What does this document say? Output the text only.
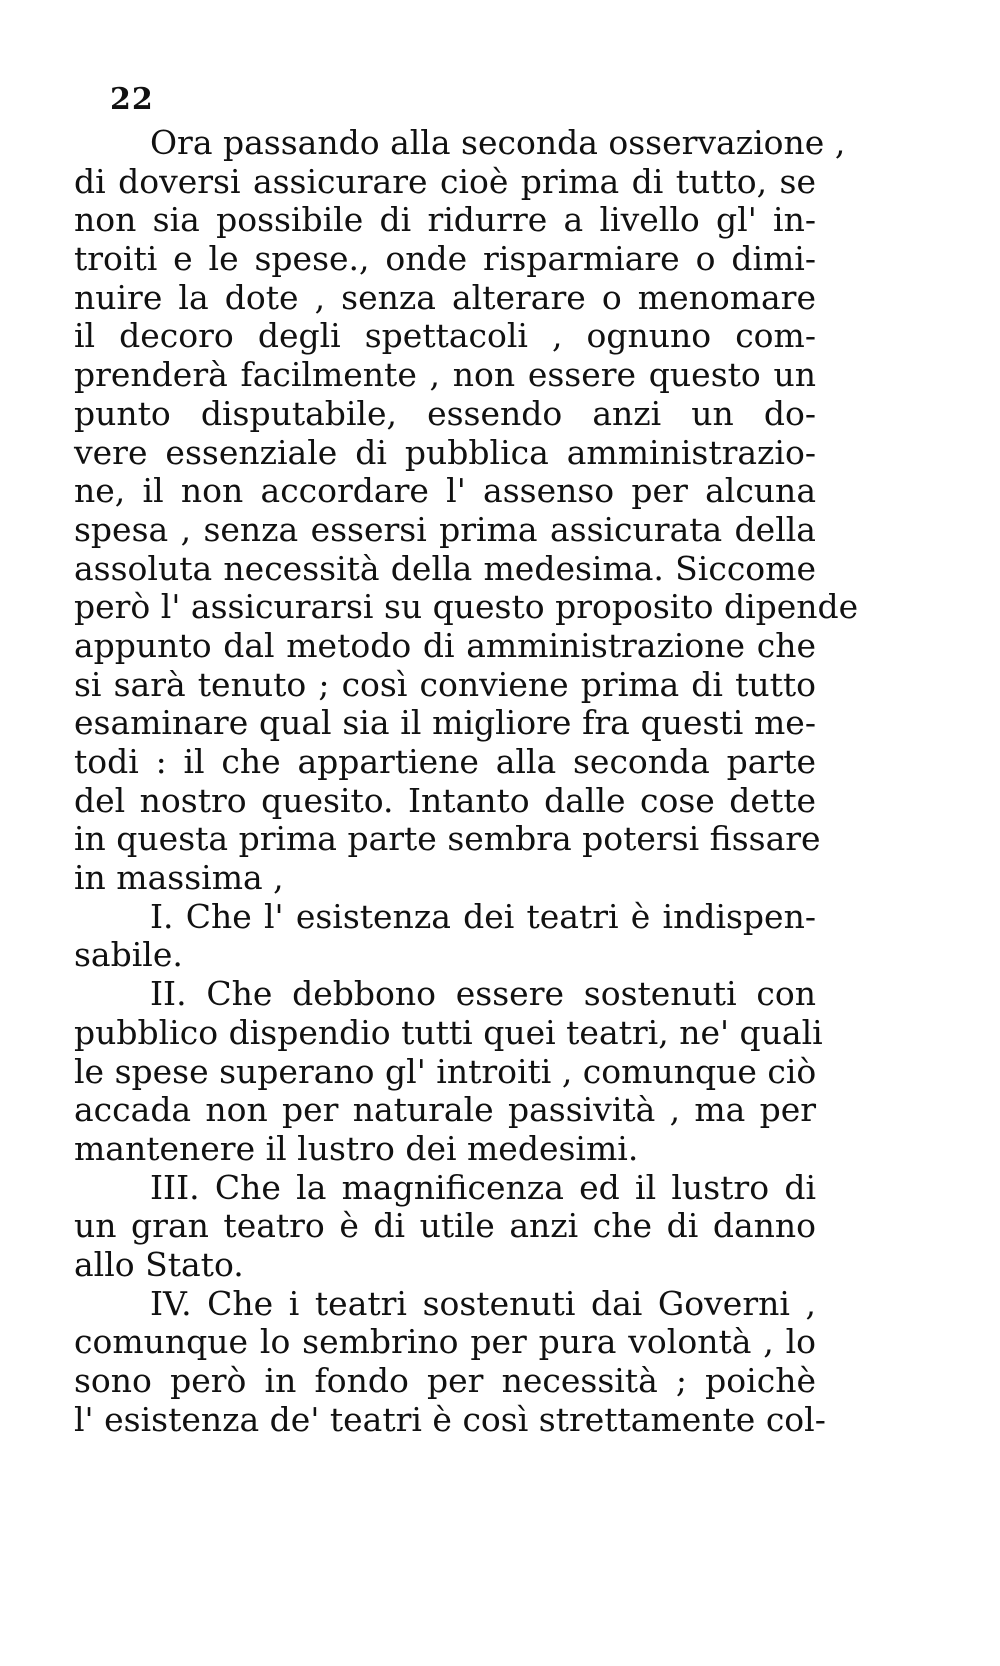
22
Ora passando alla seconda osservazione ,
di doversi assicurare cioè prima di tutto, se
non sia possibile di ridurre a livello gl' in-
troiti e le spese., onde risparmiare o dimi-
nuire la dote , senza alterare o menomare
il decoro degli spettacoli , ognuno com-
prenderà facilmente , non essere questo un
punto disputabile, essendo anzi un do-
vere essenziale di pubblica amministrazio-
ne, il non accordare l' assenso per alcuna
spesa , senza essersi prima assicurata della
assoluta necessità della medesima. Siccome
però l' assicurarsi su questo proposito dipende
appunto dal metodo di amministrazione che
si sarà tenuto ; così conviene prima di tutto
esaminare qual sia il migliore fra questi me-
todi : il che appartiene alla seconda parte
del nostro quesito. Intanto dalle cose dette
in questa prima parte sembra potersi fissare
in massima ,
I. Che l' esistenza dei teatri è indispen-
sabile.
II. Che debbono essere sostenuti con
pubblico dispendio tutti quei teatri, ne' quali
le spese superano gl' introiti , comunque ciò
accada non per naturale passività , ma per
mantenere il lustro dei medesimi.
III. Che la magnificenza ed il lustro di
un gran teatro è di utile anzi che di danno
allo Stato.
IV. Che i teatri sostenuti dai Governi ,
comunque lo sembrino per pura volontà , lo
sono però in fondo per necessità ; poichè
l' esistenza de' teatri è così strettamente col-
